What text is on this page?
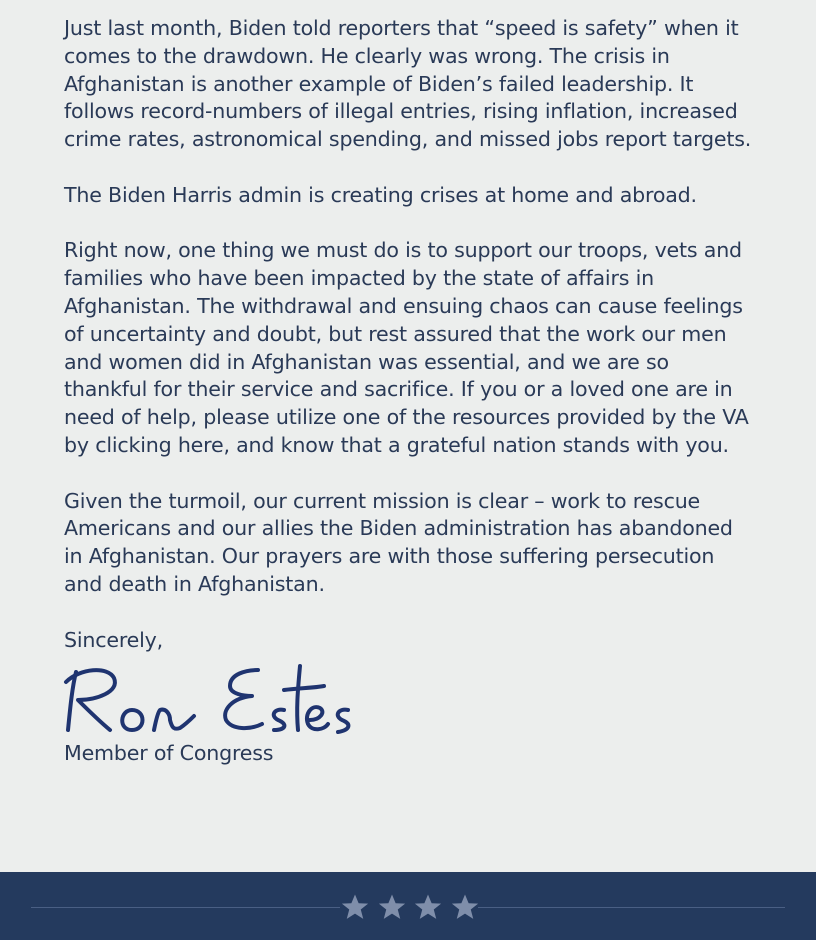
Just last month, Biden told reporters that “speed is safety” when it comes to the drawdown. He clearly was wrong. The crisis in Afghanistan is another example of Biden’s failed leadership. It follows record-numbers of illegal entries, rising inflation, increased crime rates, astronomical spending, and missed jobs report targets.

The Biden Harris admin is creating crises at home and abroad.

Right now, one thing we must do is to support our troops, vets and families who have been impacted by the state of affairs in Afghanistan. The withdrawal and ensuing chaos can cause feelings of uncertainty and doubt, but rest assured that the work our men and women did in Afghanistan was essential, and we are so thankful for their service and sacrifice. If you or a loved one are in need of help, please utilize one of the resources provided by the VA by clicking here, and know that a grateful nation stands with you.

Given the turmoil, our current mission is clear – work to rescue Americans and our allies the Biden administration has abandoned in Afghanistan. Our prayers are with those suffering persecution and death in Afghanistan.

Sincerely,

Member of Congress
